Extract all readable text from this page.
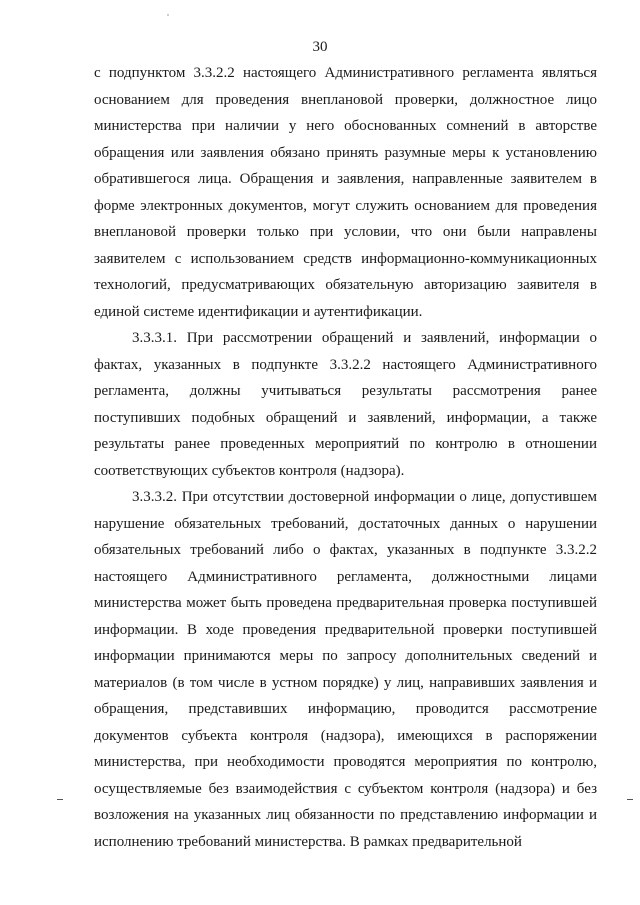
30

с подпунктом 3.3.2.2 настоящего Административного регламента являться основанием для проведения внеплановой проверки, должностное лицо министерства при наличии у него обоснованных сомнений в авторстве обращения или заявления обязано принять разумные меры к установлению обратившегося лица. Обращения и заявления, направленные заявителем в форме электронных документов, могут служить основанием для проведения внеплановой проверки только при условии, что они были направлены заявителем с использованием средств информационно-коммуникационных технологий, предусматривающих обязательную авторизацию заявителя в единой системе идентификации и аутентификации.

3.3.3.1. При рассмотрении обращений и заявлений, информации о фактах, указанных в подпункте 3.3.2.2 настоящего Административного регламента, должны учитываться результаты рассмотрения ранее поступивших подобных обращений и заявлений, информации, а также результаты ранее проведенных мероприятий по контролю в отношении соответствующих субъектов контроля (надзора).

3.3.3.2. При отсутствии достоверной информации о лице, допустившем нарушение обязательных требований, достаточных данных о нарушении обязательных требований либо о фактах, указанных в подпункте 3.3.2.2 настоящего Административного регламента, должностными лицами министерства может быть проведена предварительная проверка поступившей информации. В ходе проведения предварительной проверки поступившей информации принимаются меры по запросу дополнительных сведений и материалов (в том числе в устном порядке) у лиц, направивших заявления и обращения, представивших информацию, проводится рассмотрение документов субъекта контроля (надзора), имеющихся в распоряжении министерства, при необходимости проводятся мероприятия по контролю, осуществляемые без взаимодействия с субъектом контроля (надзора) и без возложения на указанных лиц обязанности по представлению информации и исполнению требований министерства. В рамках предварительной
